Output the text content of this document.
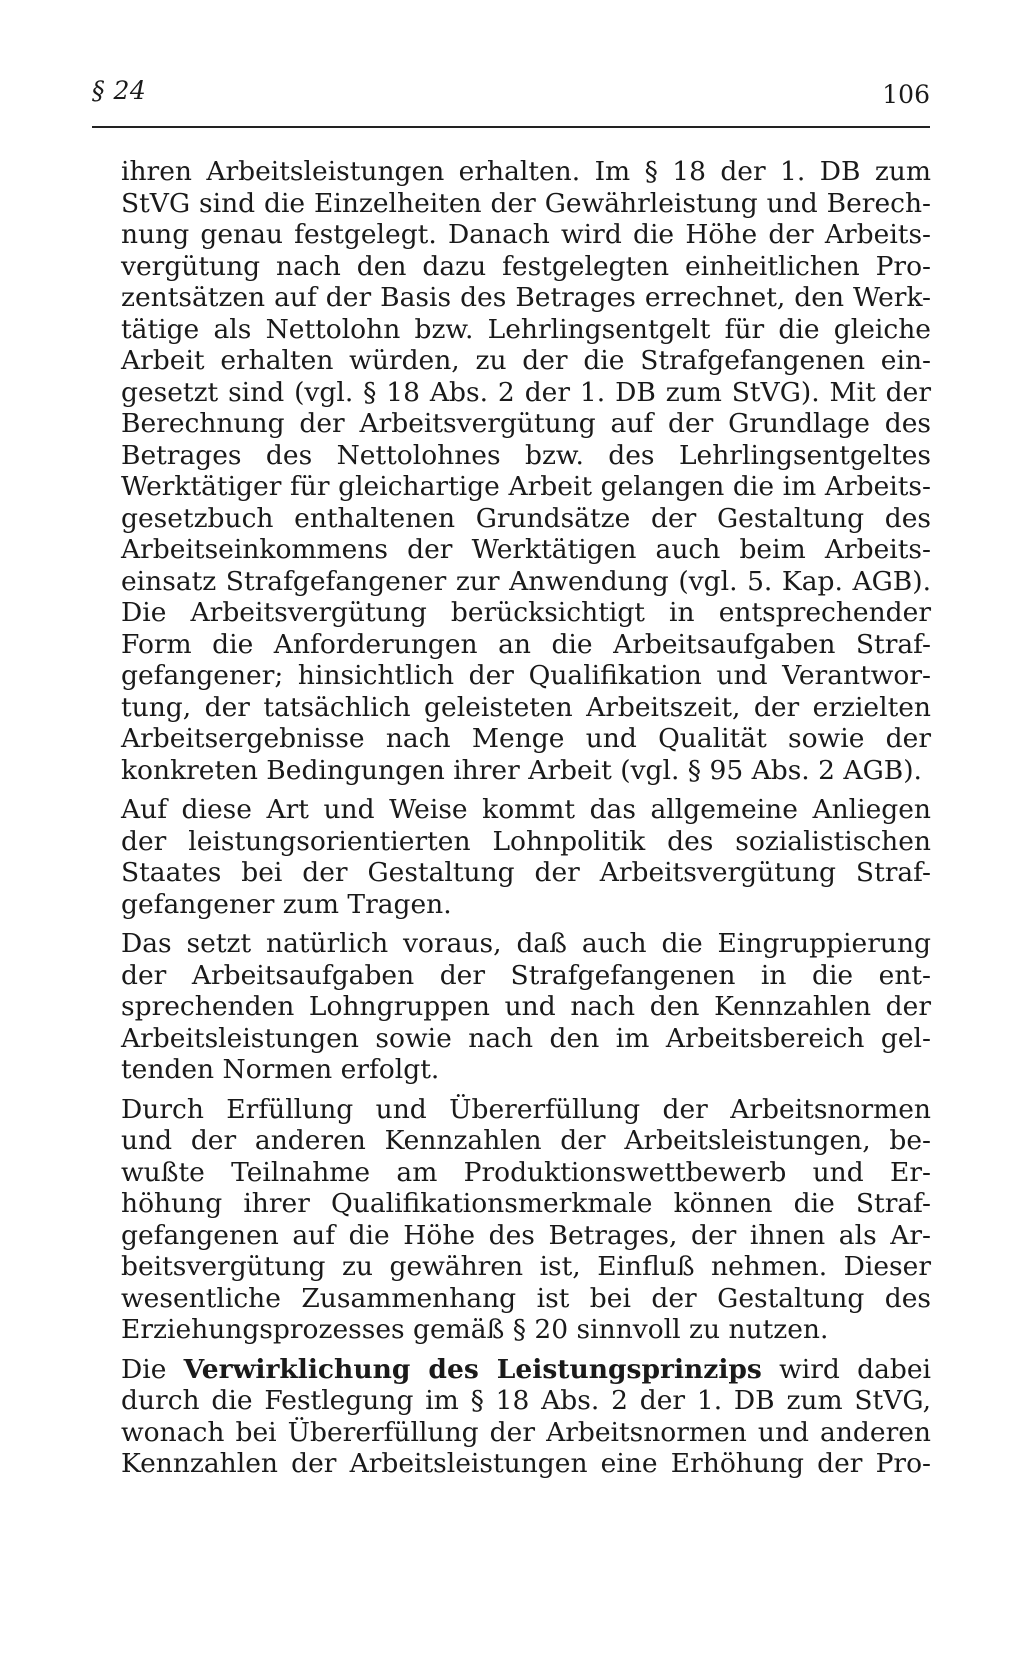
§ 24	106
ihren Arbeitsleistungen erhalten. Im § 18 der 1. DB zum
StVG sind die Einzelheiten der Gewährleistung und Berech-
nung genau festgelegt. Danach wird die Höhe der Arbeits-
vergütung nach den dazu festgelegten einheitlichen Pro-
zentsätzen auf der Basis des Betrages errechnet, den Werk-
tätige als Nettolohn bzw. Lehrlingsentgelt für die gleiche
Arbeit erhalten würden, zu der die Strafgefangenen ein-
gesetzt sind (vgl. § 18 Abs. 2 der 1. DB zum StVG). Mit der
Berechnung der Arbeitsvergütung auf der Grundlage des
Betrages des Nettolohnes bzw. des Lehrlingsentgeltes
Werktätiger für gleichartige Arbeit gelangen die im Arbeits-
gesetzbuch enthaltenen Grundsätze der Gestaltung des
Arbeitseinkommens der Werktätigen auch beim Arbeits-
einsatz Strafgefangener zur Anwendung (vgl. 5. Kap. AGB).
Die Arbeitsvergütung berücksichtigt in entsprechender
Form die Anforderungen an die Arbeitsaufgaben Straf-
gefangener; hinsichtlich der Qualifikation und Verantwor-
tung, der tatsächlich geleisteten Arbeitszeit, der erzielten
Arbeitsergebnisse nach Menge und Qualität sowie der
konkreten Bedingungen ihrer Arbeit (vgl. § 95 Abs. 2 AGB).
Auf diese Art und Weise kommt das allgemeine Anliegen
der leistungsorientierten Lohnpolitik des sozialistischen
Staates bei der Gestaltung der Arbeitsvergütung Straf-
gefangener zum Tragen.
Das setzt natürlich voraus, daß auch die Eingruppierung
der Arbeitsaufgaben der Strafgefangenen in die ent-
sprechenden Lohngruppen und nach den Kennzahlen der
Arbeitsleistungen sowie nach den im Arbeitsbereich gel-
tenden Normen erfolgt.
Durch Erfüllung und Übererfüllung der Arbeitsnormen
und der anderen Kennzahlen der Arbeitsleistungen, be-
wußte Teilnahme am Produktionswettbewerb und Er-
höhung ihrer Qualifikationsmerkmale können die Straf-
gefangenen auf die Höhe des Betrages, der ihnen als Ar-
beitsvergütung zu gewähren ist, Einfluß nehmen. Dieser
wesentliche Zusammenhang ist bei der Gestaltung des
Erziehungsprozesses gemäß § 20 sinnvoll zu nutzen.
Die Verwirklichung des Leistungsprinzips wird dabei
durch die Festlegung im § 18 Abs. 2 der 1. DB zum StVG,
wonach bei Übererfüllung der Arbeitsnormen und anderen
Kennzahlen der Arbeitsleistungen eine Erhöhung der Pro-
